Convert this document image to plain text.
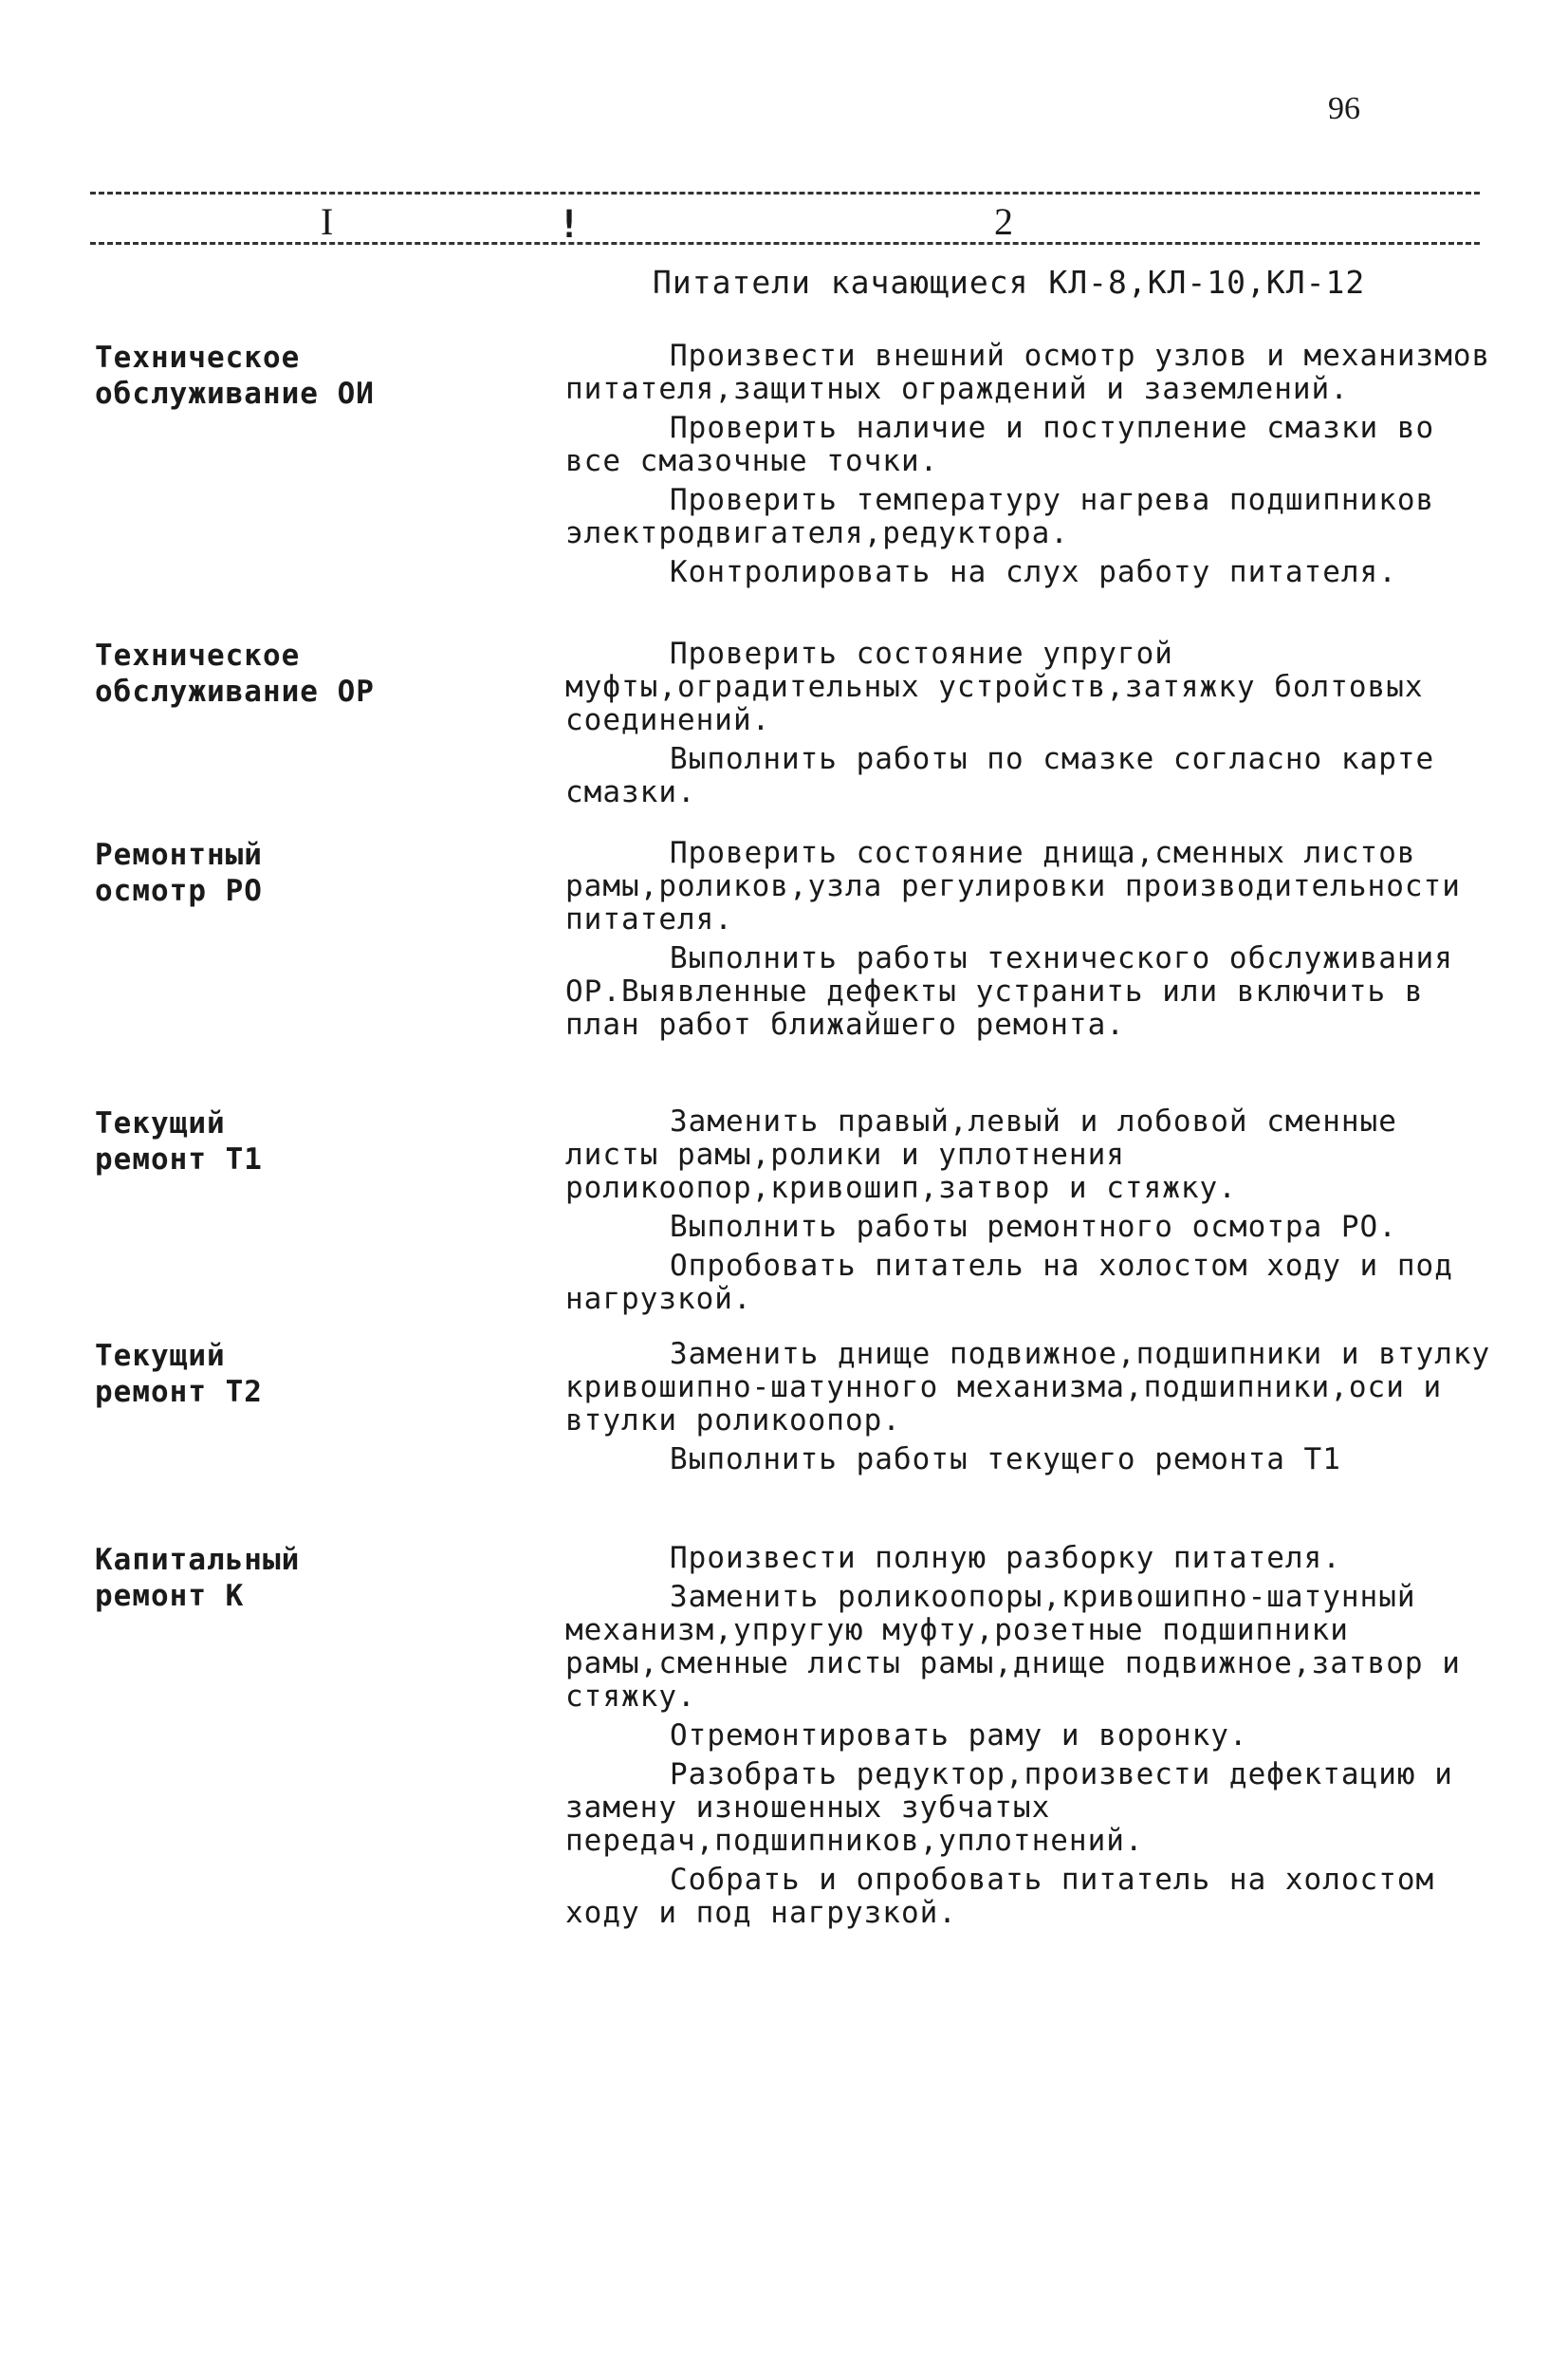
96
I	!	2
Питатели качающиеся КЛ-8,КЛ-10,КЛ-12
Техническое
обслуживание ОИ

Произвести внешний осмотр узлов и механизмов питателя,защитных ограждений и заземлений.

Проверить наличие и поступление смазки во все смазочные точки.

Проверить температуру нагрева подшипников электродвигателя,редуктора.

Контролировать на слух работу питателя.

Техническое
обслуживание ОР

Проверить состояние упругой муфты,оградительных устройств,затяжку болтовых соединений.

Выполнить работы по смазке согласно карте смазки.

Ремонтный
осмотр РО

Проверить состояние днища,сменных листов рамы,роликов,узла регулировки производительности питателя.

Выполнить работы технического обслуживания ОР.Выявленные дефекты устранить или включить в план работ ближайшего ремонта.

Текущий
ремонт Т1

Заменить правый,левый и лобовой сменные листы рамы,ролики и уплотнения роликоопор,кривошип,затвор и стяжку.

Выполнить работы ремонтного осмотра РО.

Опробовать питатель на холостом ходу и под нагрузкой.

Текущий
ремонт Т2

Заменить днище подвижное,подшипники и втулку кривошипно-шатунного механизма,подшипники,оси и втулки роликоопор.

Выполнить работы текущего ремонта Т1

Капитальный
ремонт К

Произвести полную разборку питателя.

Заменить роликоопоры,кривошипно-шатунный механизм,упругую муфту,розетные подшипники рамы,сменные листы рамы,днище подвижное,затвор и стяжку.

Отремонтировать раму и воронку.

Разобрать редуктор,произвести дефектацию и замену изношенных зубчатых передач,подшипников,уплотнений.

Собрать и опробовать питатель на холостом ходу и под нагрузкой.
